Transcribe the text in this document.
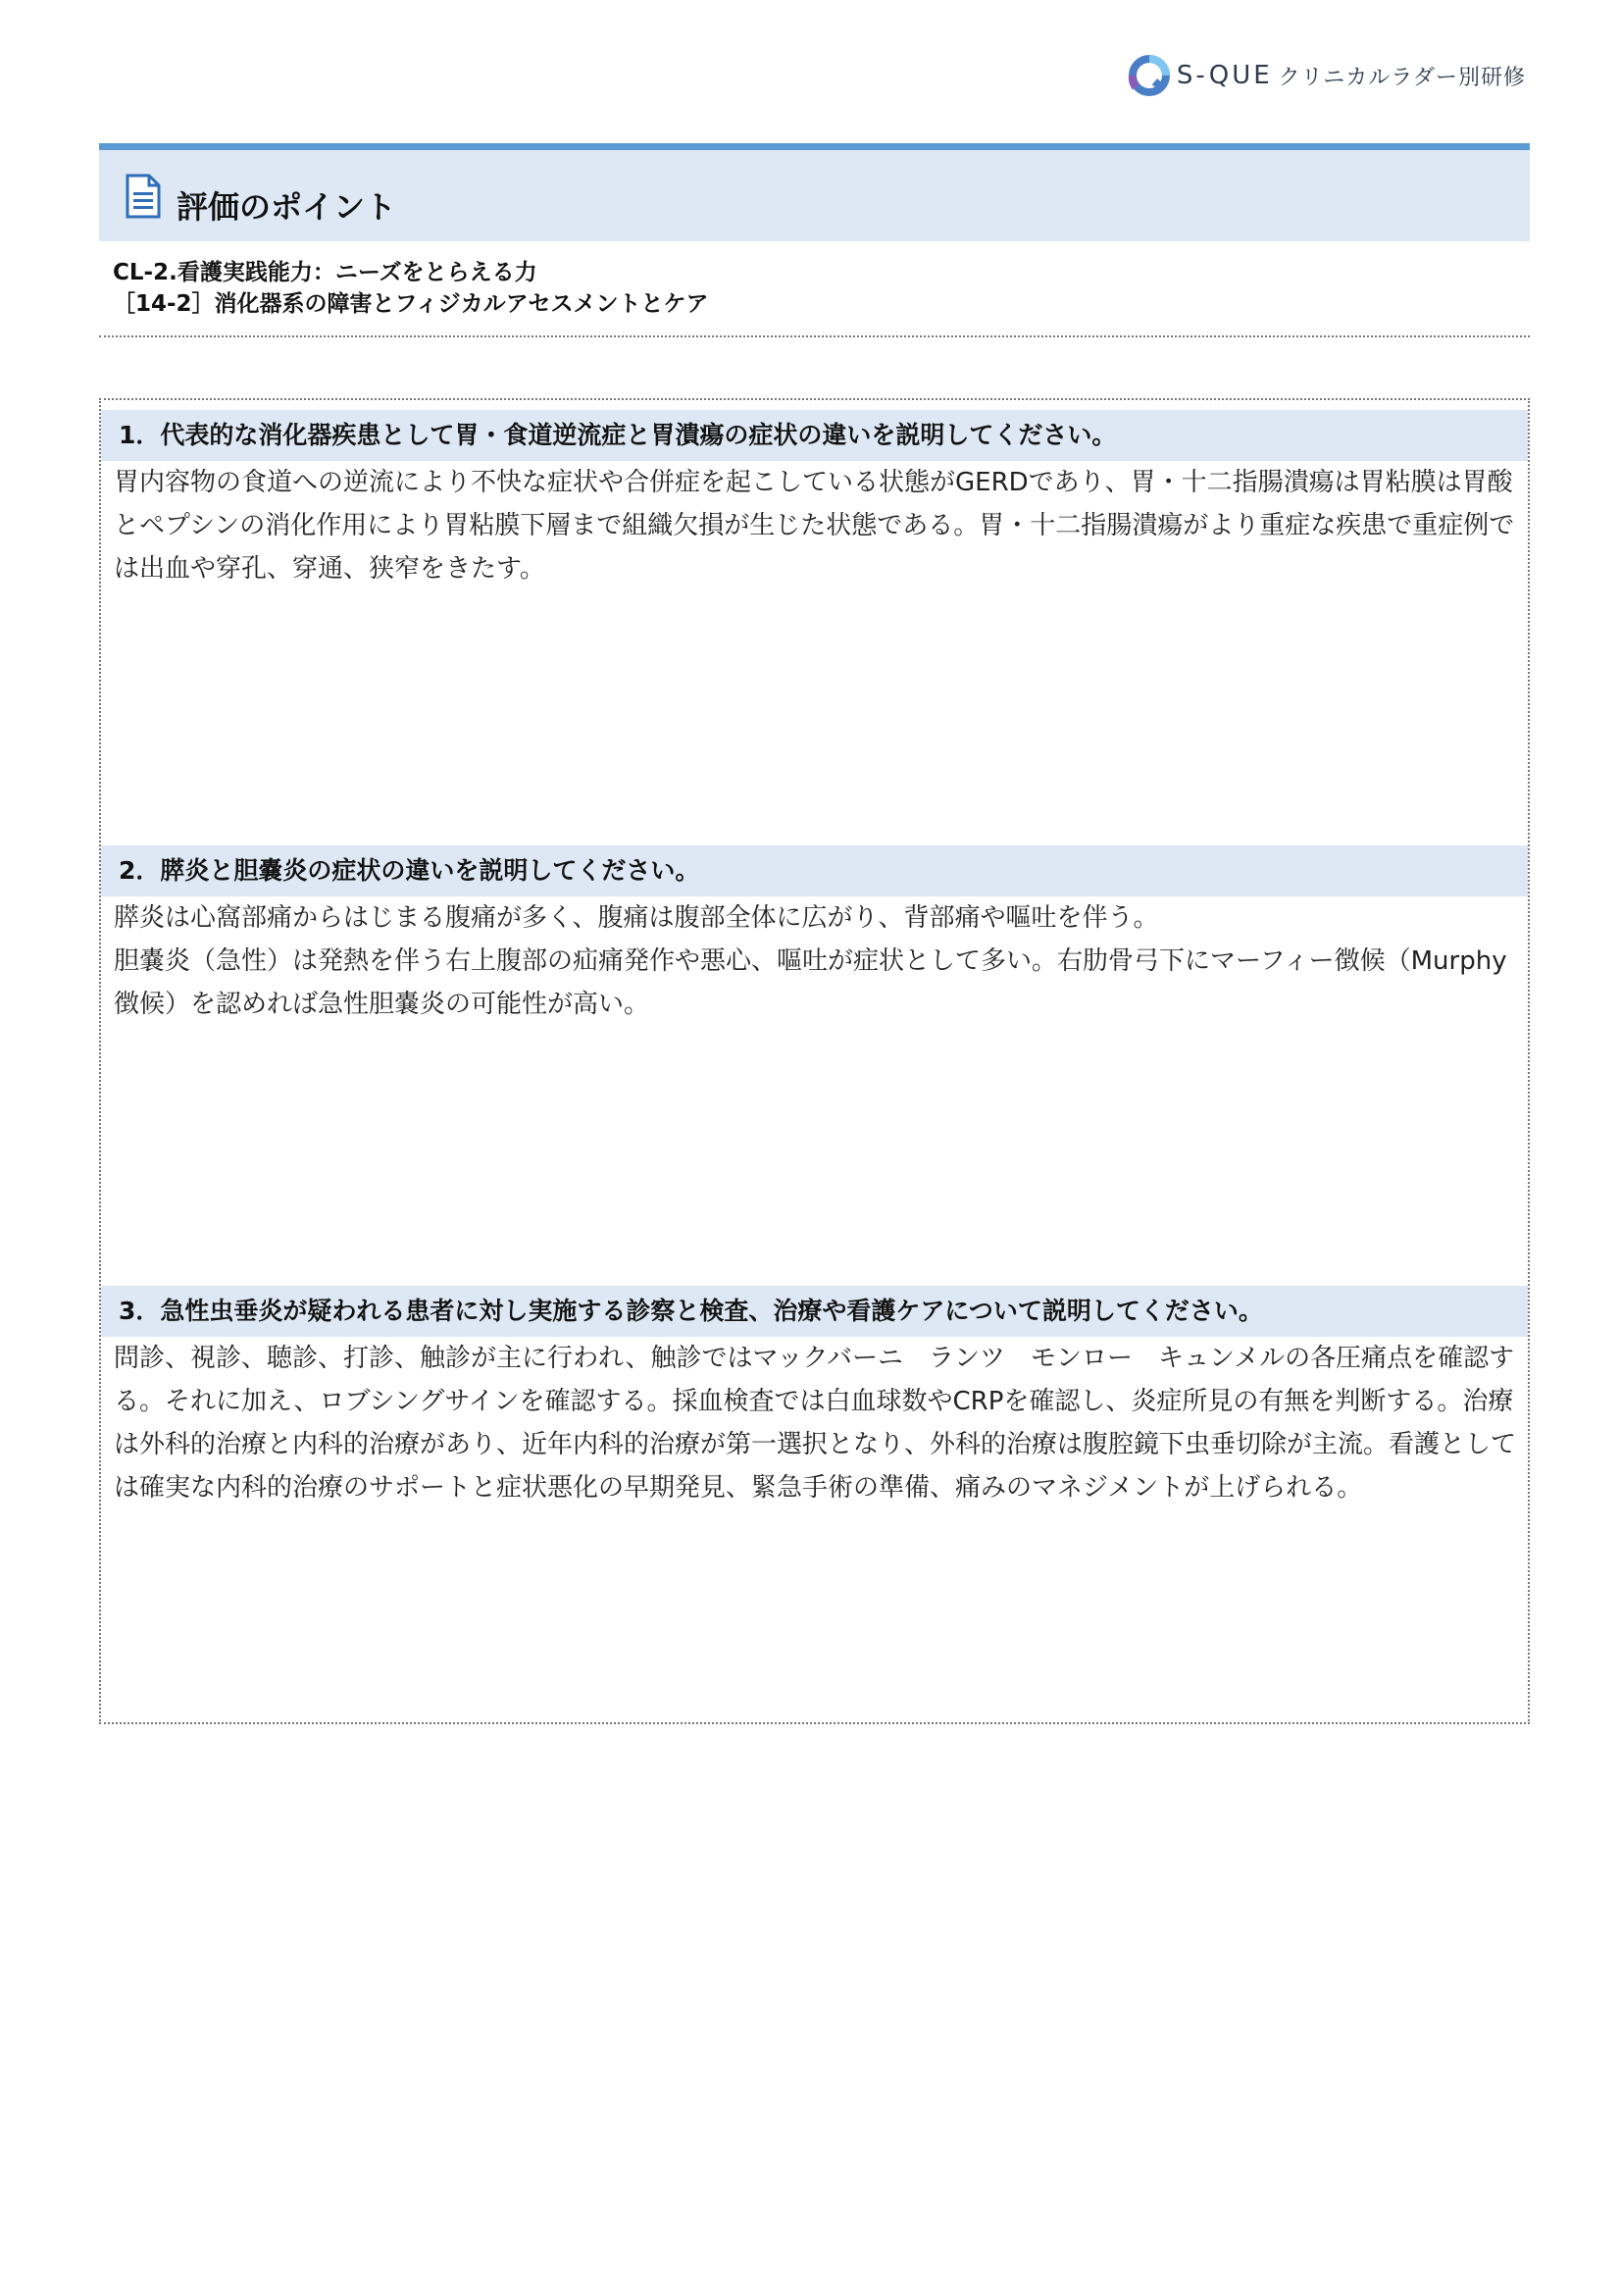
S-QUE クリニカルラダー別研修
評価のポイント
CL-2.看護実践能力：ニーズをとらえる力
［14-2］消化器系の障害とフィジカルアセスメントとケア
1．代表的な消化器疾患として胃・食道逆流症と胃潰瘍の症状の違いを説明してください。

胃内容物の食道への逆流により不快な症状や合併症を起こしている状態がGERDであり、胃・十二指腸潰瘍は胃粘膜は胃酸とペプシンの消化作用により胃粘膜下層まで組織欠損が生じた状態である。胃・十二指腸潰瘍がより重症な疾患で重症例では出血や穿孔、穿通、狭窄をきたす。

2．膵炎と胆嚢炎の症状の違いを説明してください。

膵炎は心窩部痛からはじまる腹痛が多く、腹痛は腹部全体に広がり、背部痛や嘔吐を伴う。

胆嚢炎（急性）は発熱を伴う右上腹部の疝痛発作や悪心、嘔吐が症状として多い。右肋骨弓下にマーフィー徴候（Murphy徴候）を認めれば急性胆嚢炎の可能性が高い。

3．急性虫垂炎が疑われる患者に対し実施する診察と検査、治療や看護ケアについて説明してください。

問診、視診、聴診、打診、触診が主に行われ、触診ではマックバーニ　ランツ　モンロー　キュンメルの各圧痛点を確認する。それに加え、ロブシングサインを確認する。採血検査では白血球数やCRPを確認し、炎症所見の有無を判断する。治療は外科的治療と内科的治療があり、近年内科的治療が第一選択となり、外科的治療は腹腔鏡下虫垂切除が主流。看護としては確実な内科的治療のサポートと症状悪化の早期発見、緊急手術の準備、痛みのマネジメントが上げられる。
